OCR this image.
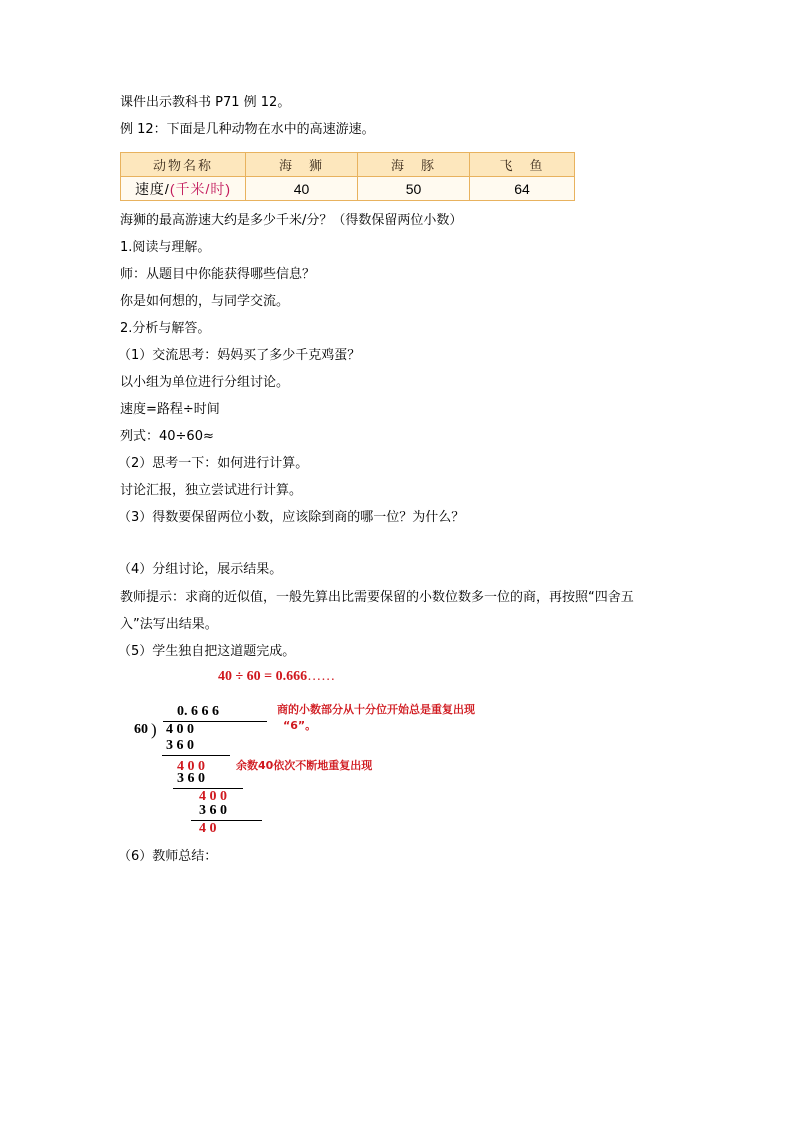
课件出示教科书 P71 例 12。
例 12：下面是几种动物在水中的高速游速。
动物名称	海　狮	海　豚	飞　鱼
速度/(千米/时)	40	50	64
海狮的最高游速大约是多少千米/分？（得数保留两位小数）
1.阅读与理解。
师：从题目中你能获得哪些信息？
你是如何想的，与同学交流。
2.分析与解答。
（1）交流思考：妈妈买了多少千克鸡蛋？
以小组为单位进行分组讨论。
速度=路程÷时间
列式：40÷60≈
（2）思考一下：如何进行计算。
讨论汇报，独立尝试进行计算。
（3）得数要保留两位小数，应该除到商的哪一位？为什么？
（4）分组讨论，展示结果。
教师提示：求商的近似值，一般先算出比需要保留的小数位数多一位的商，再按照“四舍五
入”法写出结果。
（5）学生独自把这道题完成。
40 ÷ 60 = 0.666……
0. 6 6 6
60 ) 4 0 0
3 6 0
4 0 0
3 6 0
4 0 0
3 6 0
4 0
商的小数部分从十分位开始总是重复出现
“6”。
余数40依次不断地重复出现
（6）教师总结：
